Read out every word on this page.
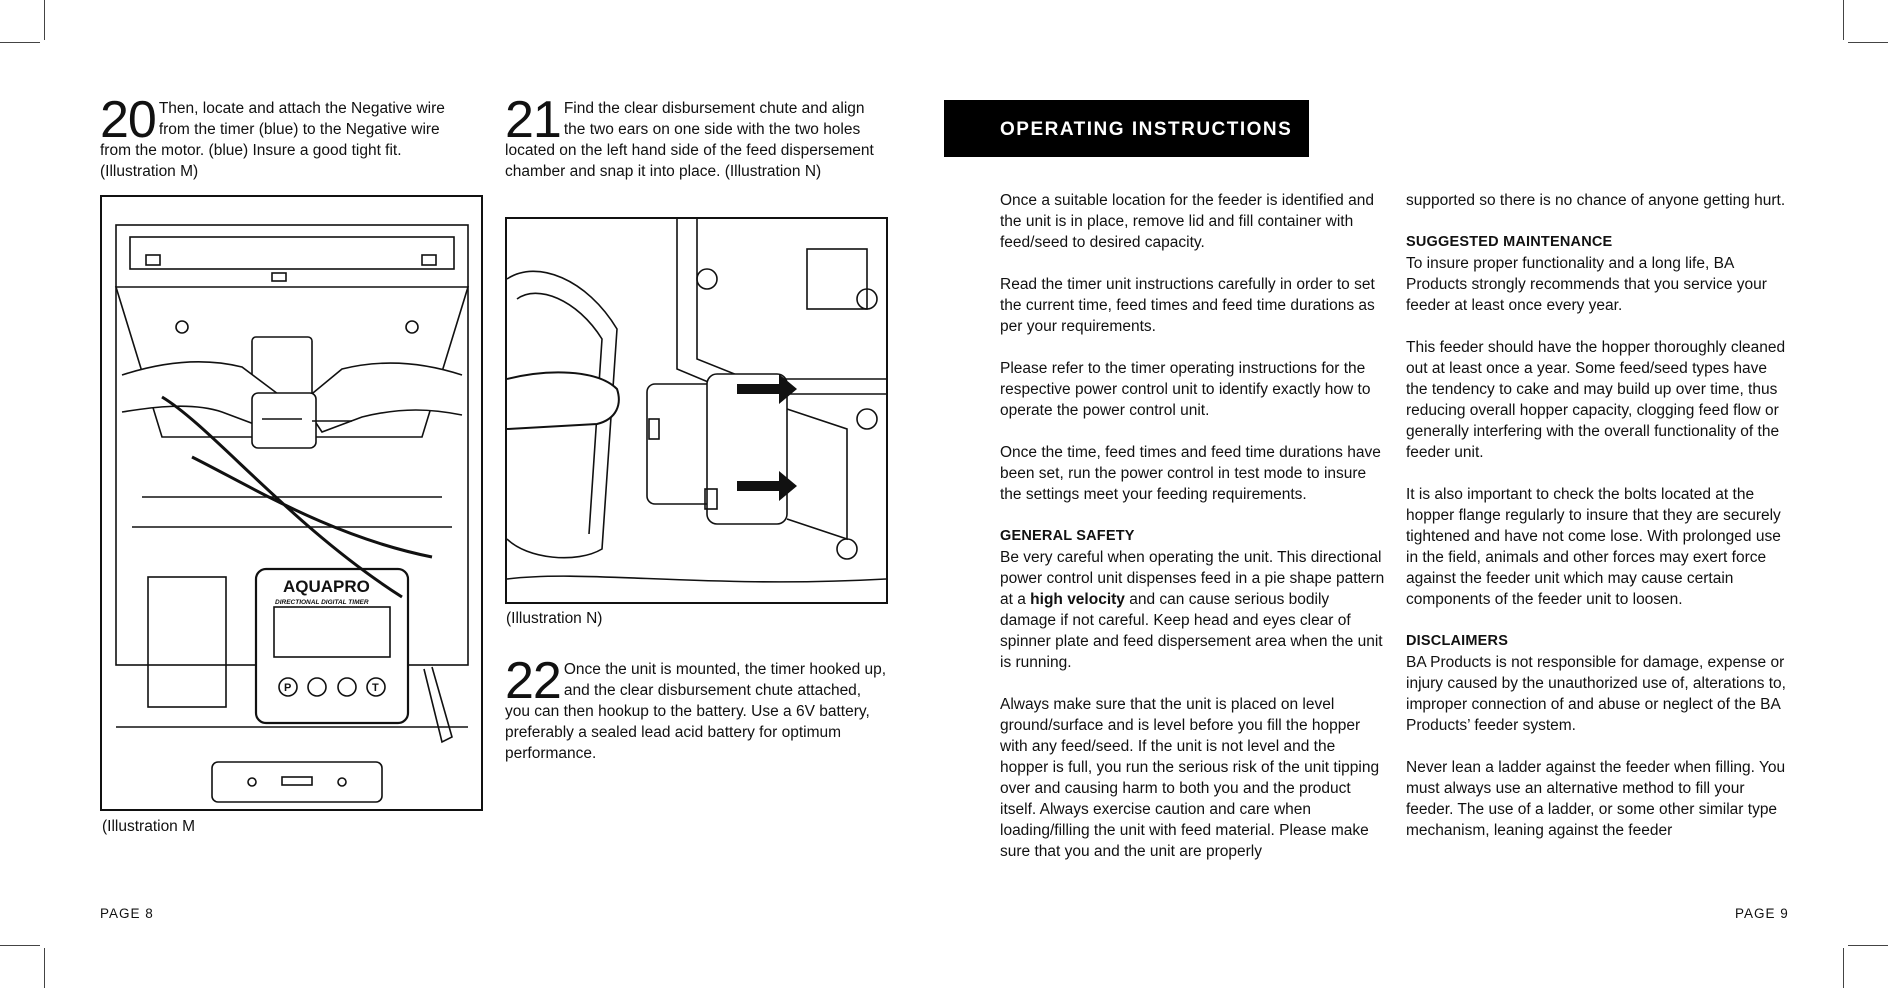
20 Then, locate and attach the Negative wire from the timer (blue) to the Negative wire from the motor. (blue) Insure a good tight fit. (Illustration M)
AQUAPRO
DIRECTIONAL DIGITAL TIMER
P	T
(Illustration M
PAGE 8
21 Find the clear disbursement chute and align the two ears on one side with the two holes located on the left hand side of the feed dispersement chamber and snap it into place. (Illustration N)
(Illustration N)
22 Once the unit is mounted, the timer hooked up, and the clear disbursement chute attached, you can then hookup to the battery. Use a 6V battery, preferably a sealed lead acid battery for optimum performance.
OPERATING INSTRUCTIONS

Once a suitable location for the feeder is identified and the unit is in place, remove lid and fill container with feed/seed to desired capacity.

Read the timer unit instructions carefully in order to set the current time, feed times and feed time durations as per your requirements.

Please refer to the timer operating instructions for the respective power control unit to identify exactly how to operate the power control unit.

Once the time, feed times and feed time durations have been set, run the power control in test mode to insure the settings meet your feeding requirements.

GENERAL SAFETY
Be very careful when operating the unit. This directional power control unit dispenses feed in a pie shape pattern at a high velocity and can cause serious bodily damage if not careful. Keep head and eyes clear of spinner plate and feed dispersement area when the unit is running.

Always make sure that the unit is placed on level ground/surface and is level before you fill the hopper with any feed/seed. If the unit is not level and the hopper is full, you run the serious risk of the unit tipping over and causing harm to both you and the product itself. Always exercise caution and care when loading/filling the unit with feed material. Please make sure that you and the unit are properly

supported so there is no chance of anyone getting hurt.

SUGGESTED MAINTENANCE
To insure proper functionality and a long life, BA Products strongly recommends that you service your feeder at least once every year.

This feeder should have the hopper thoroughly cleaned out at least once a year. Some feed/seed types have the tendency to cake and may build up over time, thus reducing overall hopper capacity, clogging feed flow or generally interfering with the overall functionality of the feeder unit.

It is also important to check the bolts located at the hopper flange regularly to insure that they are securely tightened and have not come lose. With prolonged use in the field, animals and other forces may exert force against the feeder unit which may cause certain components of the feeder unit to loosen.

DISCLAIMERS
BA Products is not responsible for damage, expense or injury caused by the unauthorized use of, alterations to, improper connection of and abuse or neglect of the BA Products’ feeder system.

Never lean a ladder against the feeder when filling. You must always use an alternative method to fill your feeder. The use of a ladder, or some other similar type mechanism, leaning against the feeder

PAGE 9
